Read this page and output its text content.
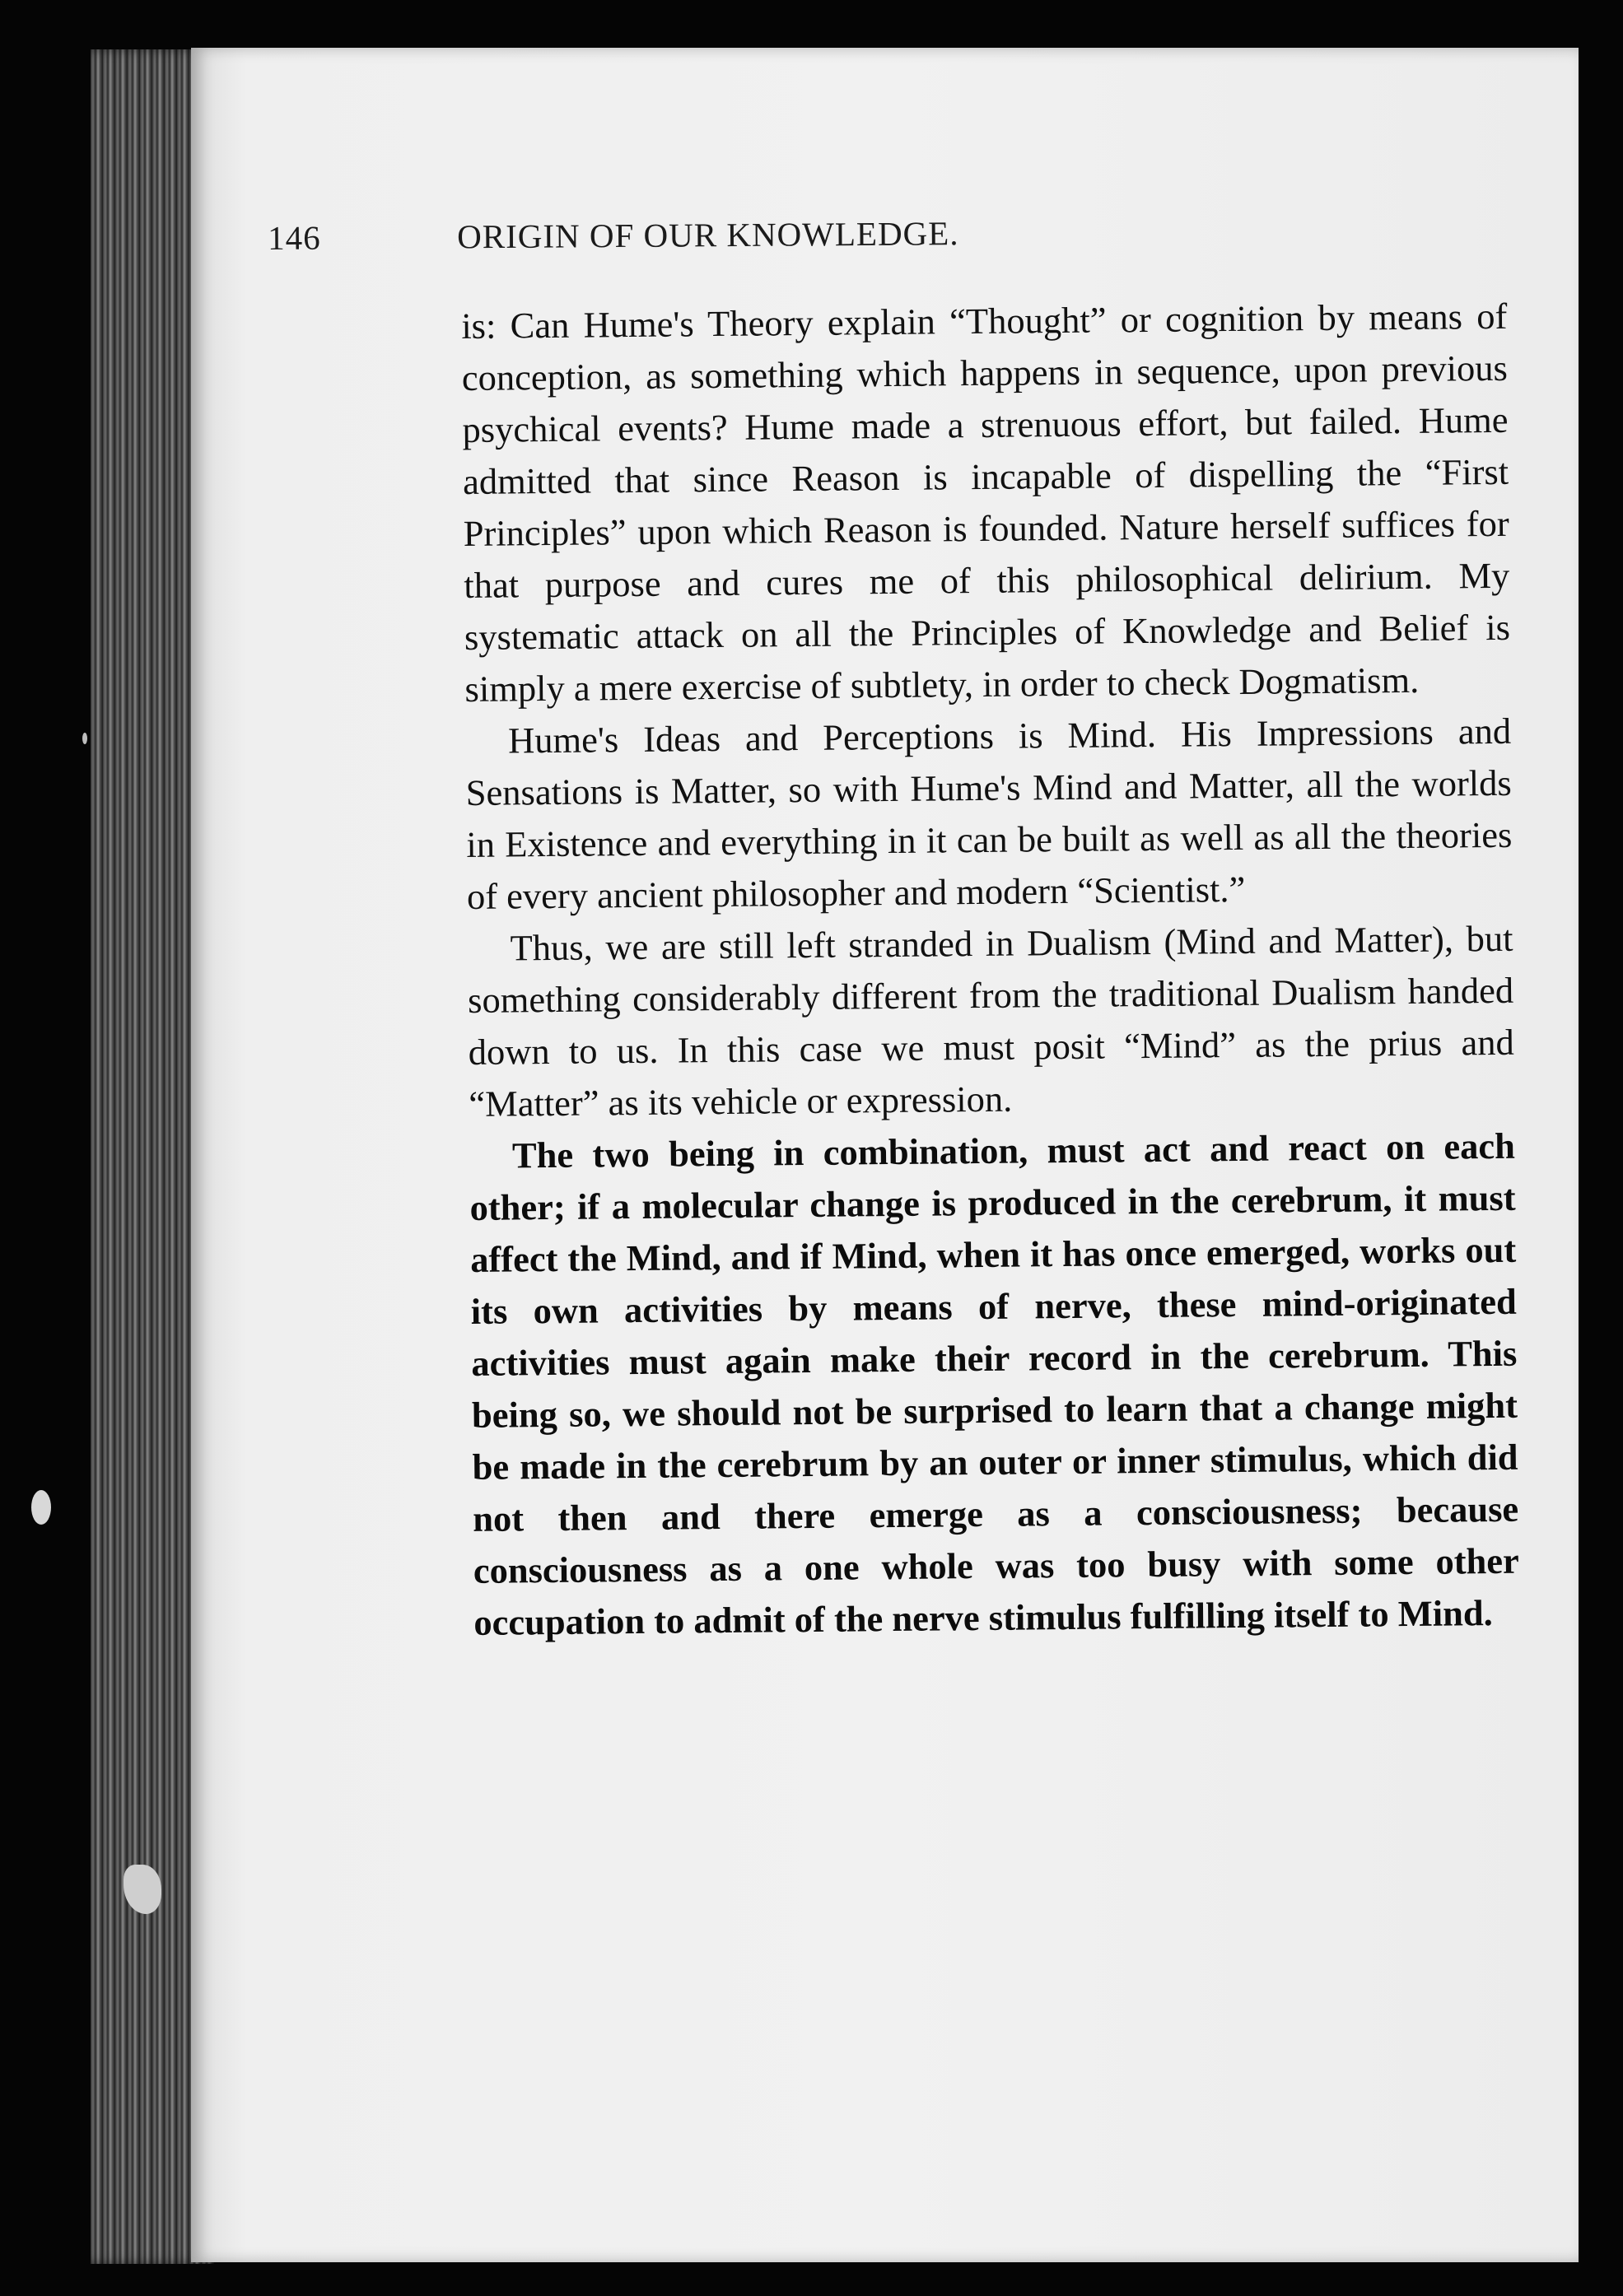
146	ORIGIN OF OUR KNOWLEDGE.

is: Can Hume's Theory explain “Thought” or cognition by means of conception, as something which happens in sequence, upon previous psychical events? Hume made a strenuous effort, but failed. Hume admitted that since Reason is incapable of dispelling the “First Principles” upon which Reason is founded. Nature herself suffices for that purpose and cures me of this philosophical delirium. My systematic attack on all the Principles of Knowledge and Belief is simply a mere exercise of subtlety, in order to check Dogmatism.

Hume's Ideas and Perceptions is Mind. His Impressions and Sensations is Matter, so with Hume's Mind and Matter, all the worlds in Existence and everything in it can be built as well as all the theories of every ancient philosopher and modern “Scientist.”

Thus, we are still left stranded in Dualism (Mind and Matter), but something considerably different from the traditional Dualism handed down to us. In this case we must posit “Mind” as the prius and “Matter” as its vehicle or expression.

The two being in combination, must act and react on each other; if a molecular change is produced in the cerebrum, it must affect the Mind, and if Mind, when it has once emerged, works out its own activities by means of nerve, these mind-originated activities must again make their record in the cerebrum. This being so, we should not be surprised to learn that a change might be made in the cerebrum by an outer or inner stimulus, which did not then and there emerge as a consciousness; because consciousness as a one whole was too busy with some other occupation to admit of the nerve stimulus fulfilling itself to Mind.
